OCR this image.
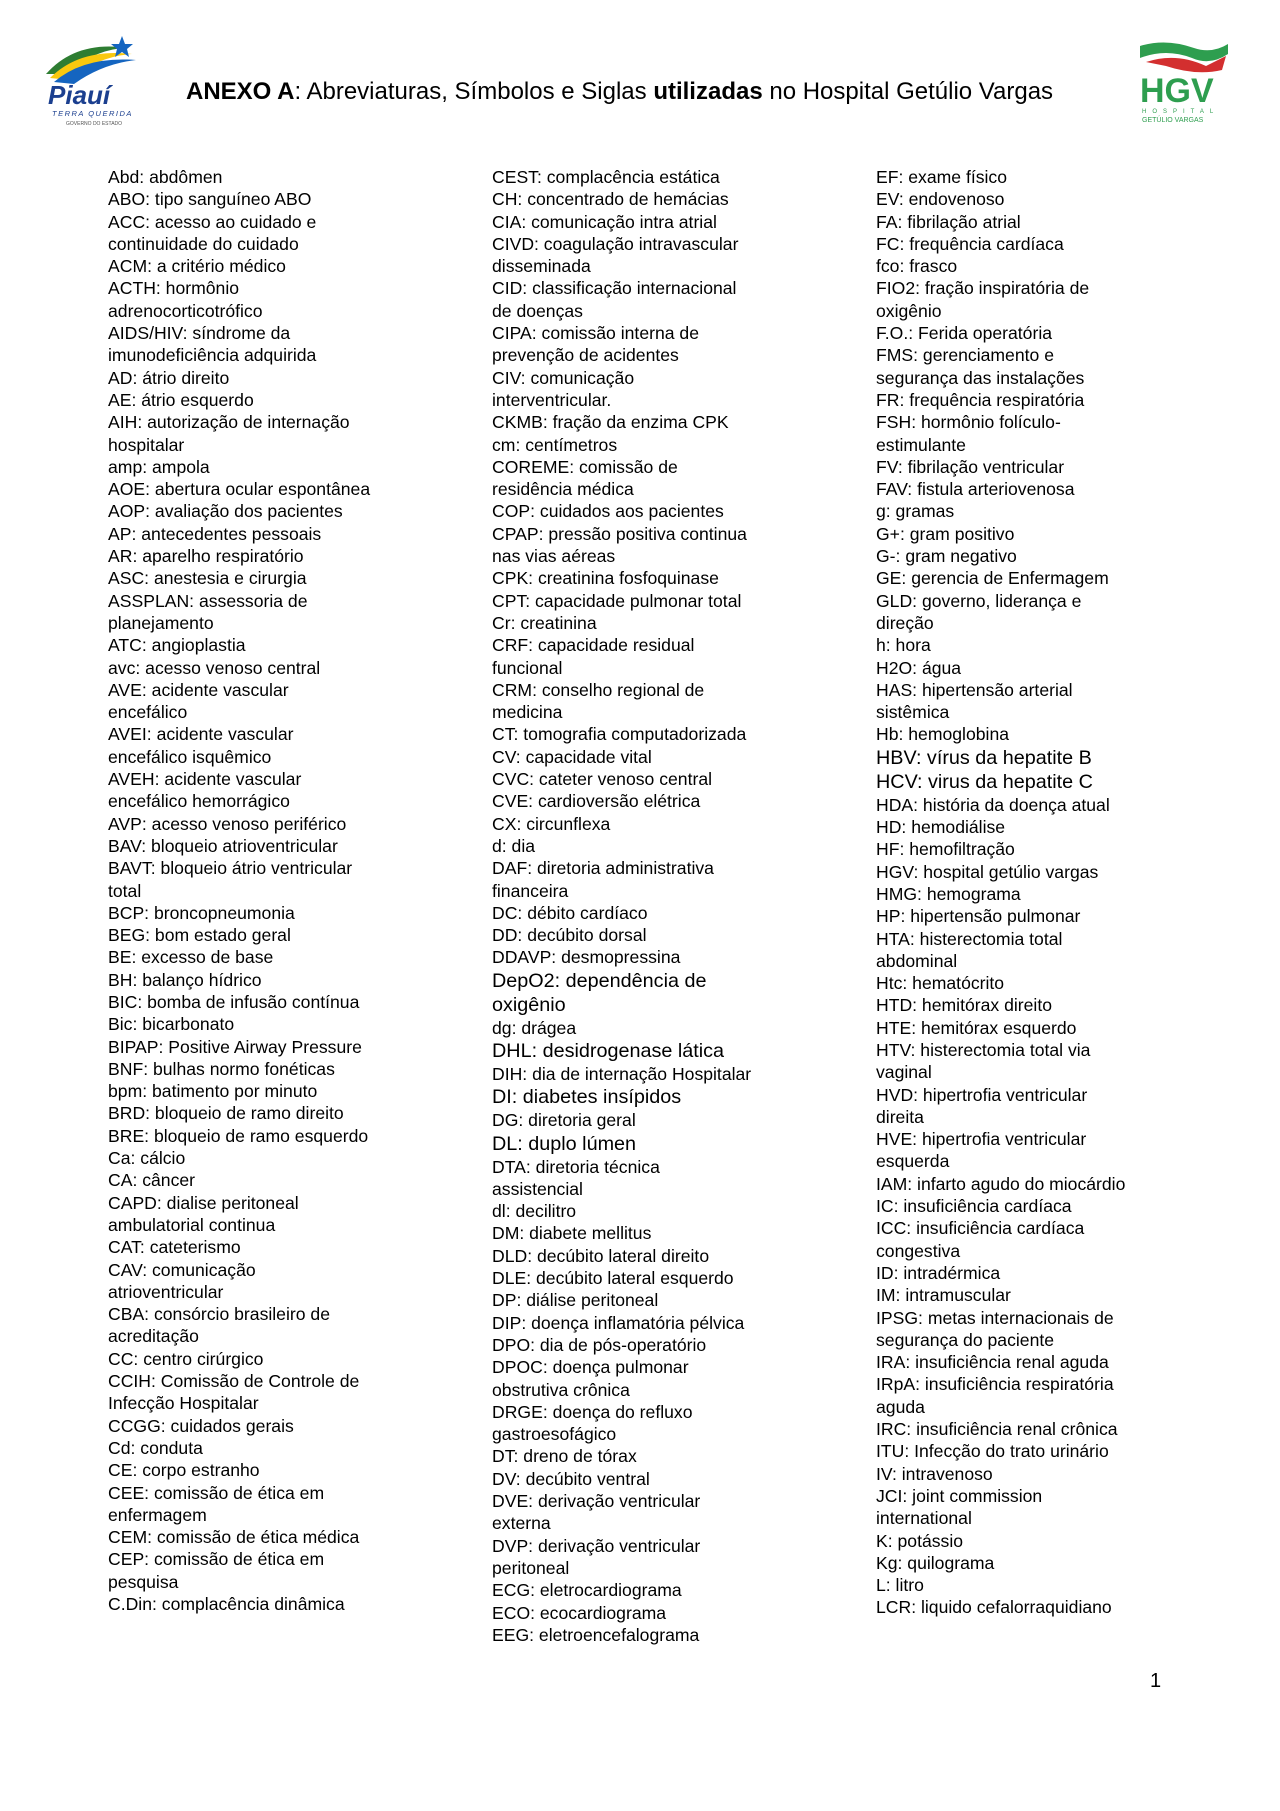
Piauí
TERRA QUERIDA
GOVERNO DO ESTADO
ANEXO A: Abreviaturas, Símbolos e Siglas utilizadas no Hospital Getúlio Vargas	HGV
HOSPITAL
GETÚLIO VARGAS

Abd: abdômen

ABO: tipo sanguíneo ABO

ACC: acesso ao cuidado e
continuidade do cuidado

ACM: a critério médico

ACTH: hormônio
adrenocorticotrófico

AIDS/HIV: síndrome da
imunodeficiência adquirida

AD: átrio direito

AE: átrio esquerdo

AIH: autorização de internação
hospitalar

amp: ampola

AOE: abertura ocular espontânea

AOP: avaliação dos pacientes

AP: antecedentes pessoais

AR: aparelho respiratório

ASC: anestesia e cirurgia

ASSPLAN: assessoria de
planejamento

ATC: angioplastia

avc: acesso venoso central

AVE: acidente vascular
encefálico

AVEI: acidente vascular
encefálico isquêmico

AVEH: acidente vascular
encefálico hemorrágico

AVP: acesso venoso periférico

BAV: bloqueio atrioventricular

BAVT: bloqueio átrio ventricular
total

BCP: broncopneumonia

BEG: bom estado geral

BE: excesso de base

BH: balanço hídrico

BIC: bomba de infusão contínua

Bic: bicarbonato

BIPAP: Positive Airway Pressure

BNF: bulhas normo fonéticas

bpm: batimento por minuto

BRD: bloqueio de ramo direito

BRE: bloqueio de ramo esquerdo

Ca: cálcio

CA: câncer

CAPD: dialise peritoneal
ambulatorial continua

CAT: cateterismo

CAV: comunicação
atrioventricular

CBA: consórcio brasileiro de
acreditação

CC: centro cirúrgico

CCIH: Comissão de Controle de
Infecção Hospitalar

CCGG: cuidados gerais

Cd: conduta

CE: corpo estranho

CEE: comissão de ética em
enfermagem

CEM: comissão de ética médica

CEP: comissão de ética em
pesquisa

C.Din: complacência dinâmica

CEST: complacência estática

CH: concentrado de hemácias

CIA: comunicação intra atrial

CIVD: coagulação intravascular
disseminada

CID: classificação internacional
de doenças

CIPA: comissão interna de
prevenção de acidentes

CIV: comunicação
interventricular.

CKMB: fração da enzima CPK

cm: centímetros

COREME: comissão de
residência médica

COP: cuidados aos pacientes

CPAP: pressão positiva continua
nas vias aéreas

CPK: creatinina fosfoquinase

CPT: capacidade pulmonar total

Cr: creatinina

CRF: capacidade residual
funcional

CRM: conselho regional de
medicina

CT: tomografia computadorizada

CV: capacidade vital

CVC: cateter venoso central

CVE: cardioversão elétrica

CX: circunflexa

d: dia

DAF: diretoria administrativa
financeira

DC: débito cardíaco

DD: decúbito dorsal

DDAVP: desmopressina

DepO2: dependência de
oxigênio

dg: drágea

DHL: desidrogenase lática

DIH: dia de internação Hospitalar

DI: diabetes insípidos

DG: diretoria geral

DL: duplo lúmen

DTA: diretoria técnica
assistencial

dl: decilitro

DM: diabete mellitus

DLD: decúbito lateral direito

DLE: decúbito lateral esquerdo

DP: diálise peritoneal

DIP: doença inflamatória pélvica

DPO: dia de pós-operatório

DPOC: doença pulmonar
obstrutiva crônica

DRGE: doença do refluxo
gastroesofágico

DT: dreno de tórax

DV: decúbito ventral

DVE: derivação ventricular
externa

DVP: derivação ventricular
peritoneal

ECG: eletrocardiograma

ECO: ecocardiograma

EEG: eletroencefalograma

EF: exame físico

EV: endovenoso

FA: fibrilação atrial

FC: frequência cardíaca

fco: frasco

FIO2: fração inspiratória de
oxigênio

F.O.: Ferida operatória

FMS: gerenciamento e
segurança das instalações

FR: frequência respiratória

FSH: hormônio folículo-
estimulante

FV: fibrilação ventricular

FAV: fistula arteriovenosa

g: gramas

G+: gram positivo

G-: gram negativo

GE: gerencia de Enfermagem

GLD: governo, liderança e
direção

h: hora

H2O: água

HAS: hipertensão arterial
sistêmica

Hb: hemoglobina

HBV: vírus da hepatite B

HCV: virus da hepatite C

HDA: história da doença atual

HD: hemodiálise

HF: hemofiltração

HGV: hospital getúlio vargas

HMG: hemograma

HP: hipertensão pulmonar

HTA: histerectomia total
abdominal

Htc: hematócrito

HTD: hemitórax direito

HTE: hemitórax esquerdo

HTV: histerectomia total via
vaginal

HVD: hipertrofia ventricular
direita

HVE: hipertrofia ventricular
esquerda

IAM: infarto agudo do miocárdio

IC: insuficiência cardíaca

ICC: insuficiência cardíaca
congestiva

ID: intradérmica

IM: intramuscular

IPSG: metas internacionais de
segurança do paciente

IRA: insuficiência renal aguda

IRpA: insuficiência respiratória
aguda

IRC: insuficiência renal crônica

ITU: Infecção do trato urinário

IV: intravenoso

JCI: joint commission
international

K: potássio

Kg: quilograma

L: litro

LCR: liquido cefalorraquidiano

1
